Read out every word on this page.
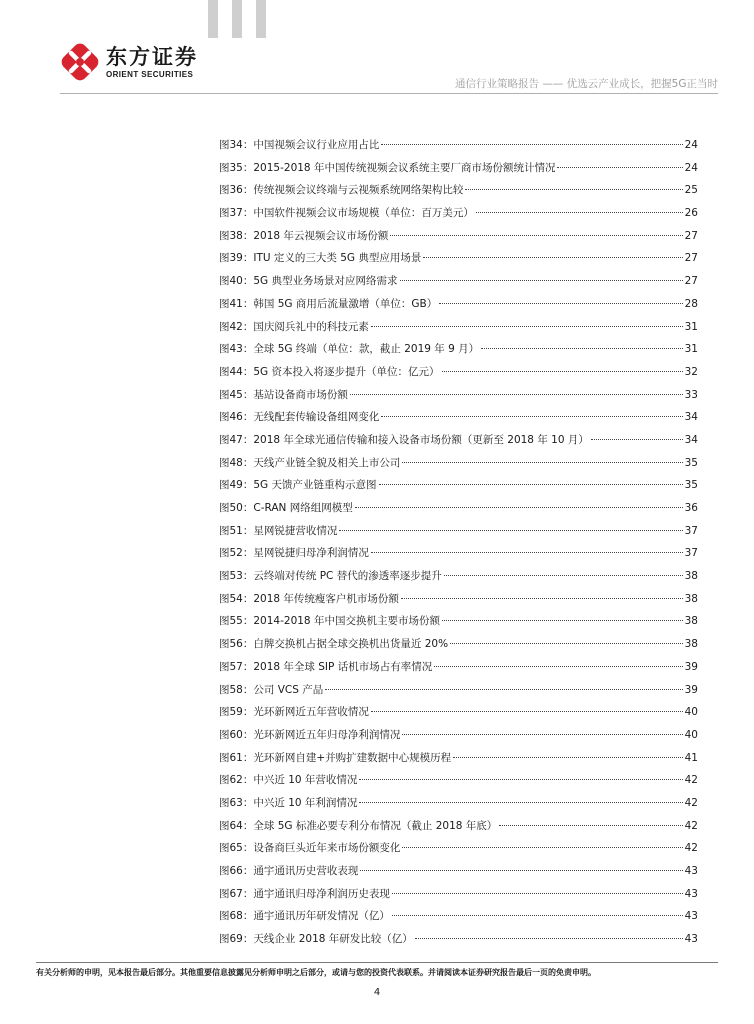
东方证券
ORIENT SECURITIES
通信行业策略报告 —— 优选云产业成长，把握5G正当时
图34： 中国视频会议行业应用占比	24
图35： 2015-2018 年中国传统视频会议系统主要厂商市场份额统计情况	24
图36： 传统视频会议终端与云视频系统网络架构比较	25
图37： 中国软件视频会议市场规模（单位：百万美元）	26
图38： 2018 年云视频会议市场份额	27
图39： ITU 定义的三大类 5G 典型应用场景	27
图40： 5G 典型业务场景对应网络需求	27
图41： 韩国 5G 商用后流量激增（单位：GB）	28
图42： 国庆阅兵礼中的科技元素	31
图43： 全球 5G 终端（单位：款，截止 2019 年 9 月）	31
图44： 5G 资本投入将逐步提升（单位：亿元）	32
图45： 基站设备商市场份额	33
图46： 无线配套传输设备组网变化	34
图47： 2018 年全球光通信传输和接入设备市场份额（更新至 2018 年 10 月）	34
图48： 天线产业链全貌及相关上市公司	35
图49： 5G 天馈产业链重构示意图	35
图50： C-RAN 网络组网模型	36
图51： 星网锐捷营收情况	37
图52： 星网锐捷归母净利润情况	37
图53： 云终端对传统 PC 替代的渗透率逐步提升	38
图54： 2018 年传统瘦客户机市场份额	38
图55： 2014-2018 年中国交换机主要市场份额	38
图56： 白牌交换机占据全球交换机出货量近 20%	38
图57： 2018 年全球 SIP 话机市场占有率情况	39
图58： 公司 VCS 产品	39
图59： 光环新网近五年营收情况	40
图60： 光环新网近五年归母净利润情况	40
图61： 光环新网自建+并购扩建数据中心规模历程	41
图62： 中兴近 10 年营收情况	42
图63： 中兴近 10 年利润情况	42
图64： 全球 5G 标准必要专利分布情况（截止 2018 年底）	42
图65： 设备商巨头近年来市场份额变化	42
图66： 通宇通讯历史营收表现	43
图67： 通宇通讯归母净利润历史表现	43
图68： 通宇通讯历年研发情况（亿）	43
图69： 天线企业 2018 年研发比较（亿）	43
有关分析师的申明，见本报告最后部分。其他重要信息披露见分析师申明之后部分，或请与您的投资代表联系。并请阅读本证券研究报告最后一页的免责申明。
4
